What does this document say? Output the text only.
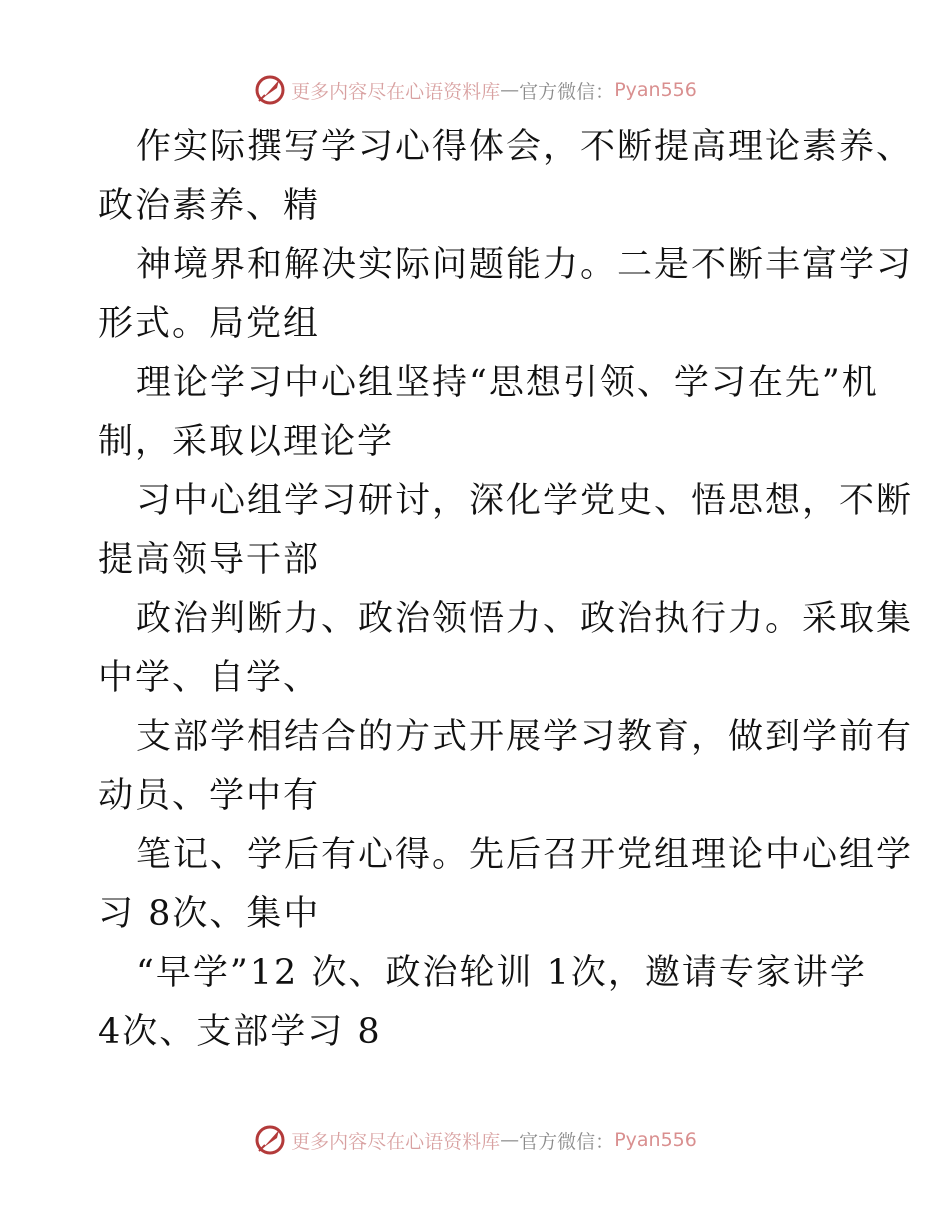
更多内容尽在心语资料库 — 官方微信： Pyan556

作实际撰写学习心得体会，不断提高理论素养、
政治素养、精

神境界和解决实际问题能力。二是不断丰富学习
形式。局党组

理论学习中心组坚持“思想引领、学习在先”机
制，采取以理论学

习中心组学习研讨，深化学党史、悟思想，不断
提高领导干部

政治判断力、政治领悟力、政治执行力。采取集
中学、自学、

支部学相结合的方式开展学习教育，做到学前有
动员、学中有

笔记、学后有心得。先后召开党组理论中心组学
习 8次、集中

“早学”12 次、政治轮训 1次，邀请专家讲学
4次、支部学习 8

更多内容尽在心语资料库 — 官方微信： Pyan556
